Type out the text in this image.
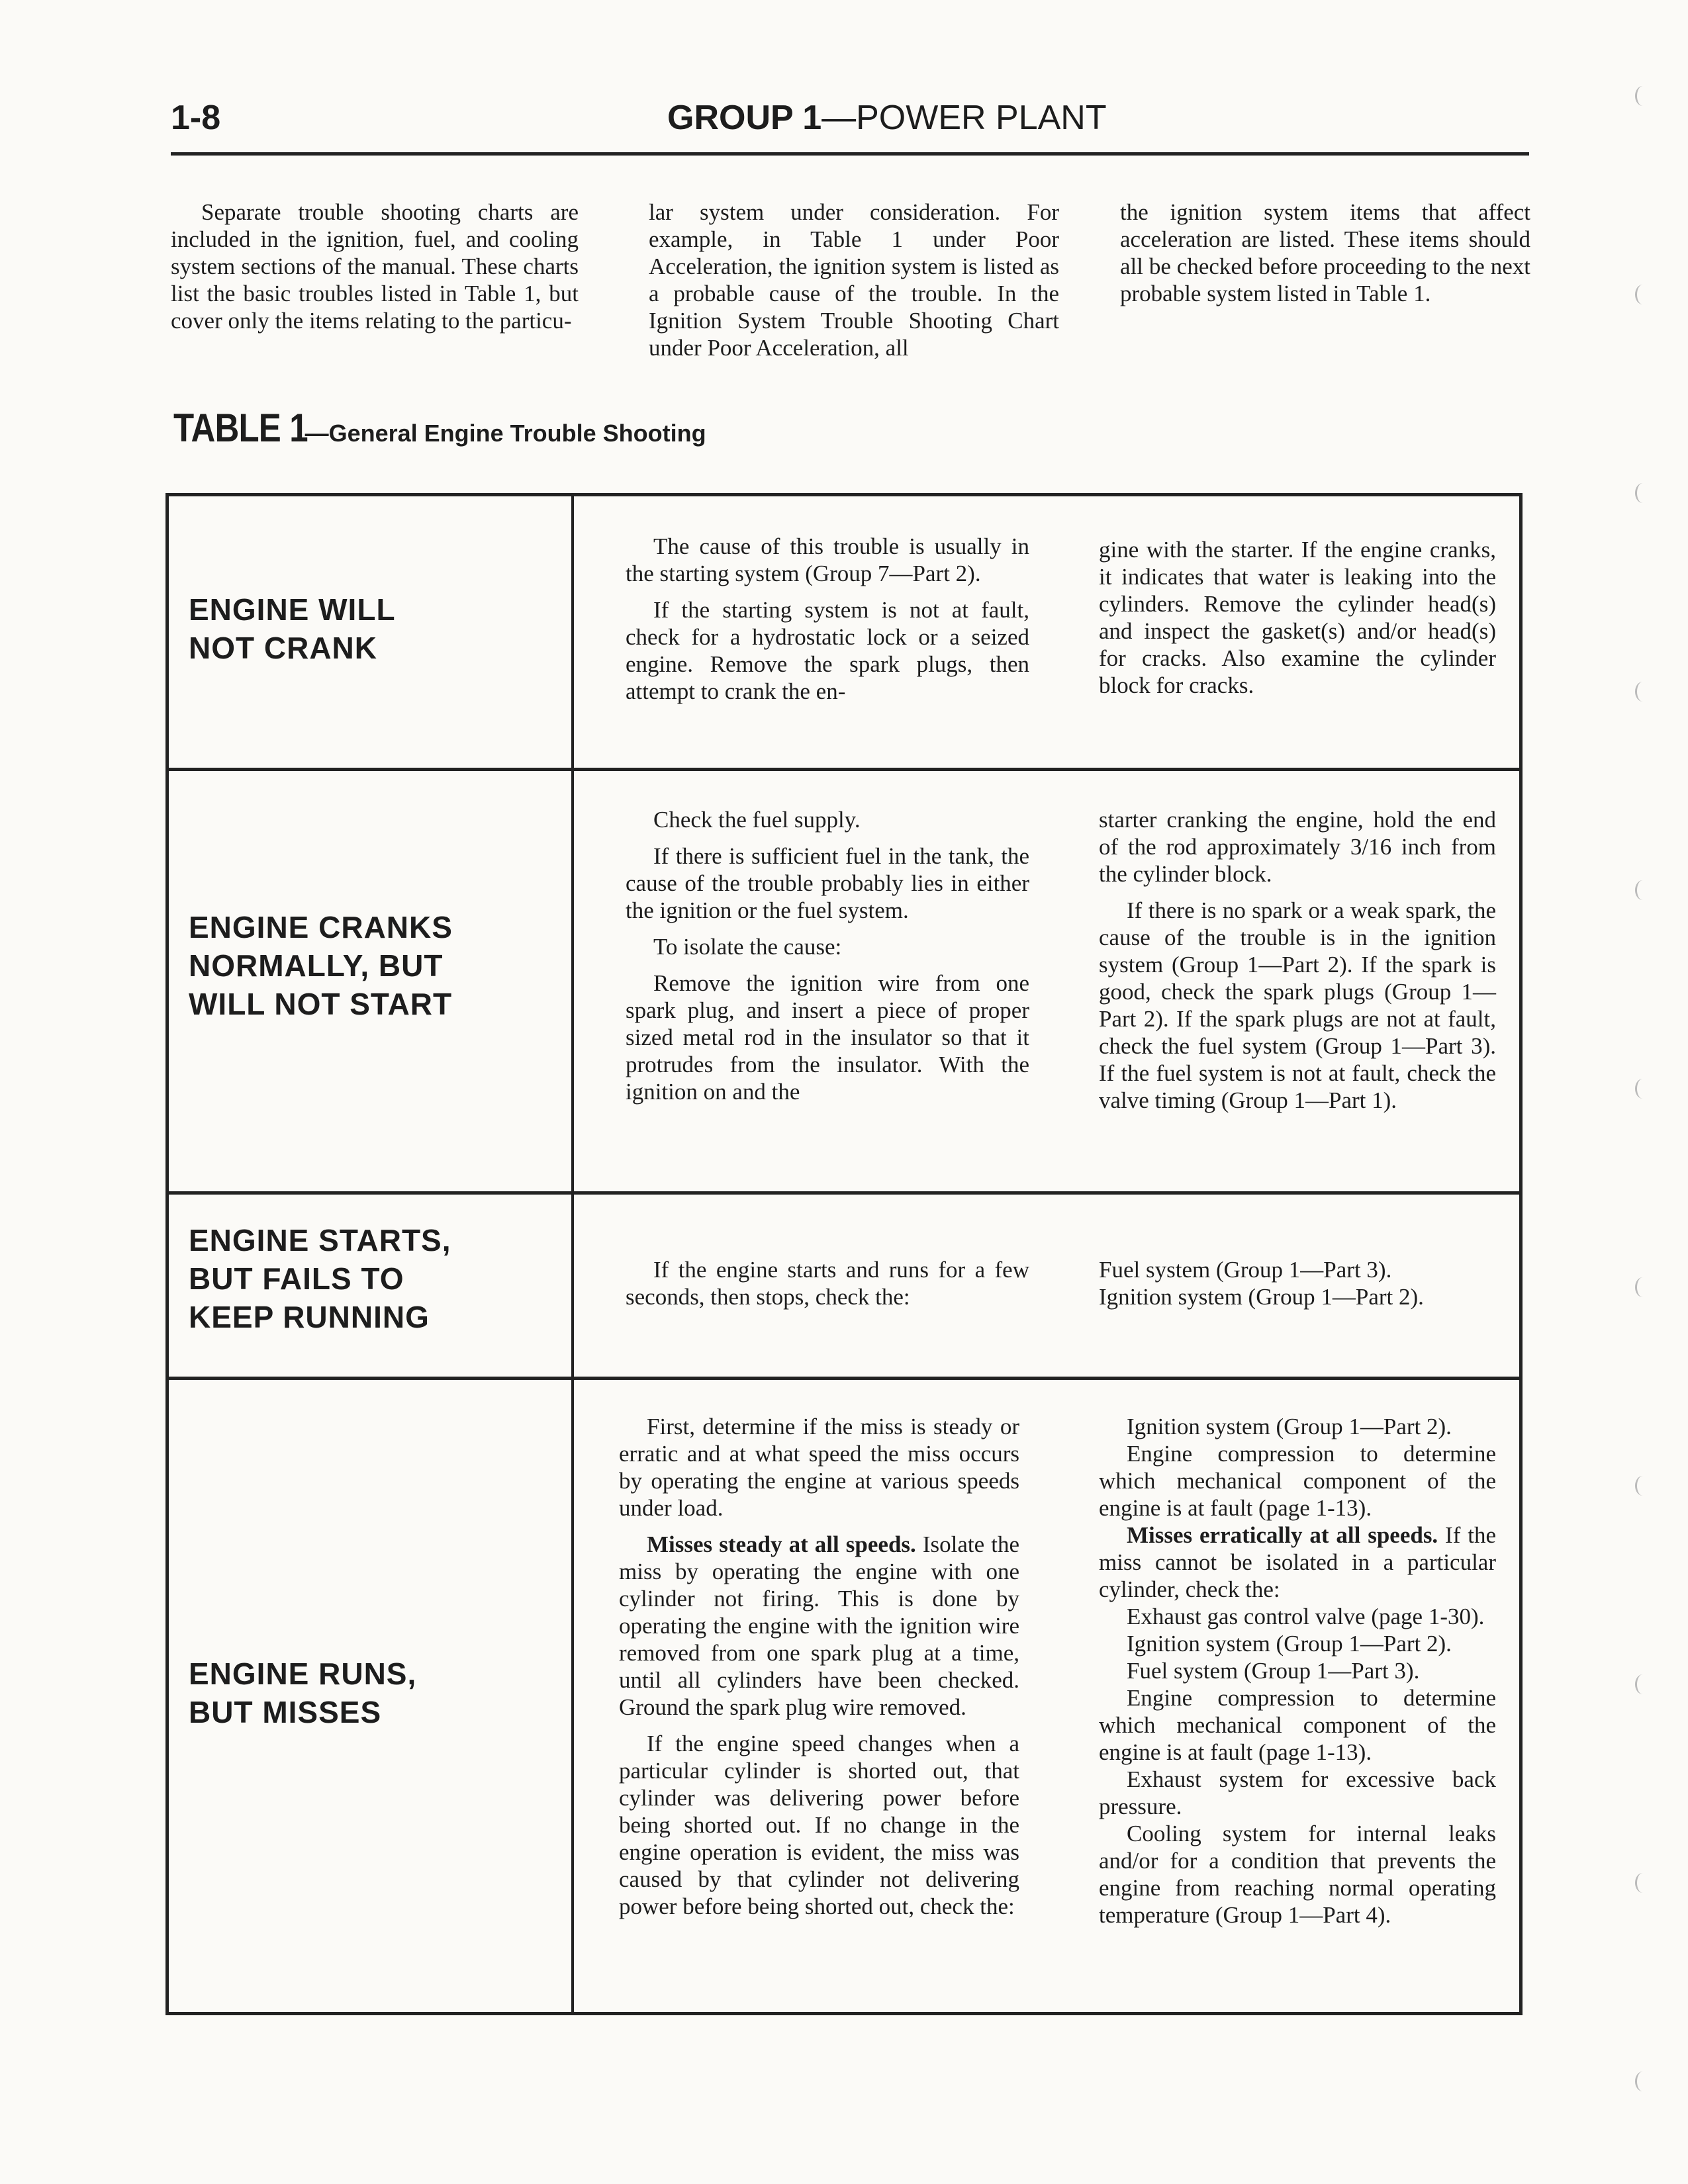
1-8	GROUP 1—POWER PLANT
Separate trouble shooting charts are included in the ignition, fuel, and cooling system sections of the manual. These charts list the basic troubles listed in Table 1, but cover only the items relating to the particu-
lar system under consideration. For example, in Table 1 under Poor Acceleration, the ignition system is listed as a probable cause of the trouble. In the Ignition System Trouble Shooting Chart under Poor Acceleration, all
the ignition system items that affect acceleration are listed. These items should all be checked before proceeding to the next probable system listed in Table 1.
TABLE 1—General Engine Trouble Shooting
ENGINE WILL
NOT CRANK

The cause of this trouble is usually in the starting system (Group 7—Part 2).

If the starting system is not at fault, check for a hydrostatic lock or a seized engine. Remove the spark plugs, then attempt to crank the en-

gine with the starter. If the engine cranks, it indicates that water is leaking into the cylinders. Remove the cylinder head(s) and inspect the gasket(s) and/or head(s) for cracks. Also examine the cylinder block for cracks.

ENGINE CRANKS
NORMALLY, BUT
WILL NOT START

Check the fuel supply.

If there is sufficient fuel in the tank, the cause of the trouble probably lies in either the ignition or the fuel system.

To isolate the cause:

Remove the ignition wire from one spark plug, and insert a piece of proper sized metal rod in the insulator so that it protrudes from the insulator. With the ignition on and the

starter cranking the engine, hold the end of the rod approximately 3/16 inch from the cylinder block.

If there is no spark or a weak spark, the cause of the trouble is in the ignition system (Group 1—Part 2). If the spark is good, check the spark plugs (Group 1—Part 2). If the spark plugs are not at fault, check the fuel system (Group 1—Part 3). If the fuel system is not at fault, check the valve timing (Group 1—Part 1).

ENGINE STARTS,
BUT FAILS TO
KEEP RUNNING

If the engine starts and runs for a few seconds, then stops, check the:

Fuel system (Group 1—Part 3).

Ignition system (Group 1—Part 2).

ENGINE RUNS,
BUT MISSES

First, determine if the miss is steady or erratic and at what speed the miss occurs by operating the engine at various speeds under load.

Misses steady at all speeds. Isolate the miss by operating the engine with one cylinder not firing. This is done by operating the engine with the ignition wire removed from one spark plug at a time, until all cylinders have been checked. Ground the spark plug wire removed.

If the engine speed changes when a particular cylinder is shorted out, that cylinder was delivering power before being shorted out. If no change in the engine operation is evident, the miss was caused by that cylinder not delivering power before being shorted out, check the:

Ignition system (Group 1—Part 2).

Engine compression to determine which mechanical component of the engine is at fault (page 1-13).

Misses erratically at all speeds. If the miss cannot be isolated in a particular cylinder, check the:

Exhaust gas control valve (page 1-30).

Ignition system (Group 1—Part 2).

Fuel system (Group 1—Part 3).

Engine compression to determine which mechanical component of the engine is at fault (page 1-13).

Exhaust system for excessive back pressure.

Cooling system for internal leaks and/or for a condition that prevents the engine from reaching normal operating temperature (Group 1—Part 4).
